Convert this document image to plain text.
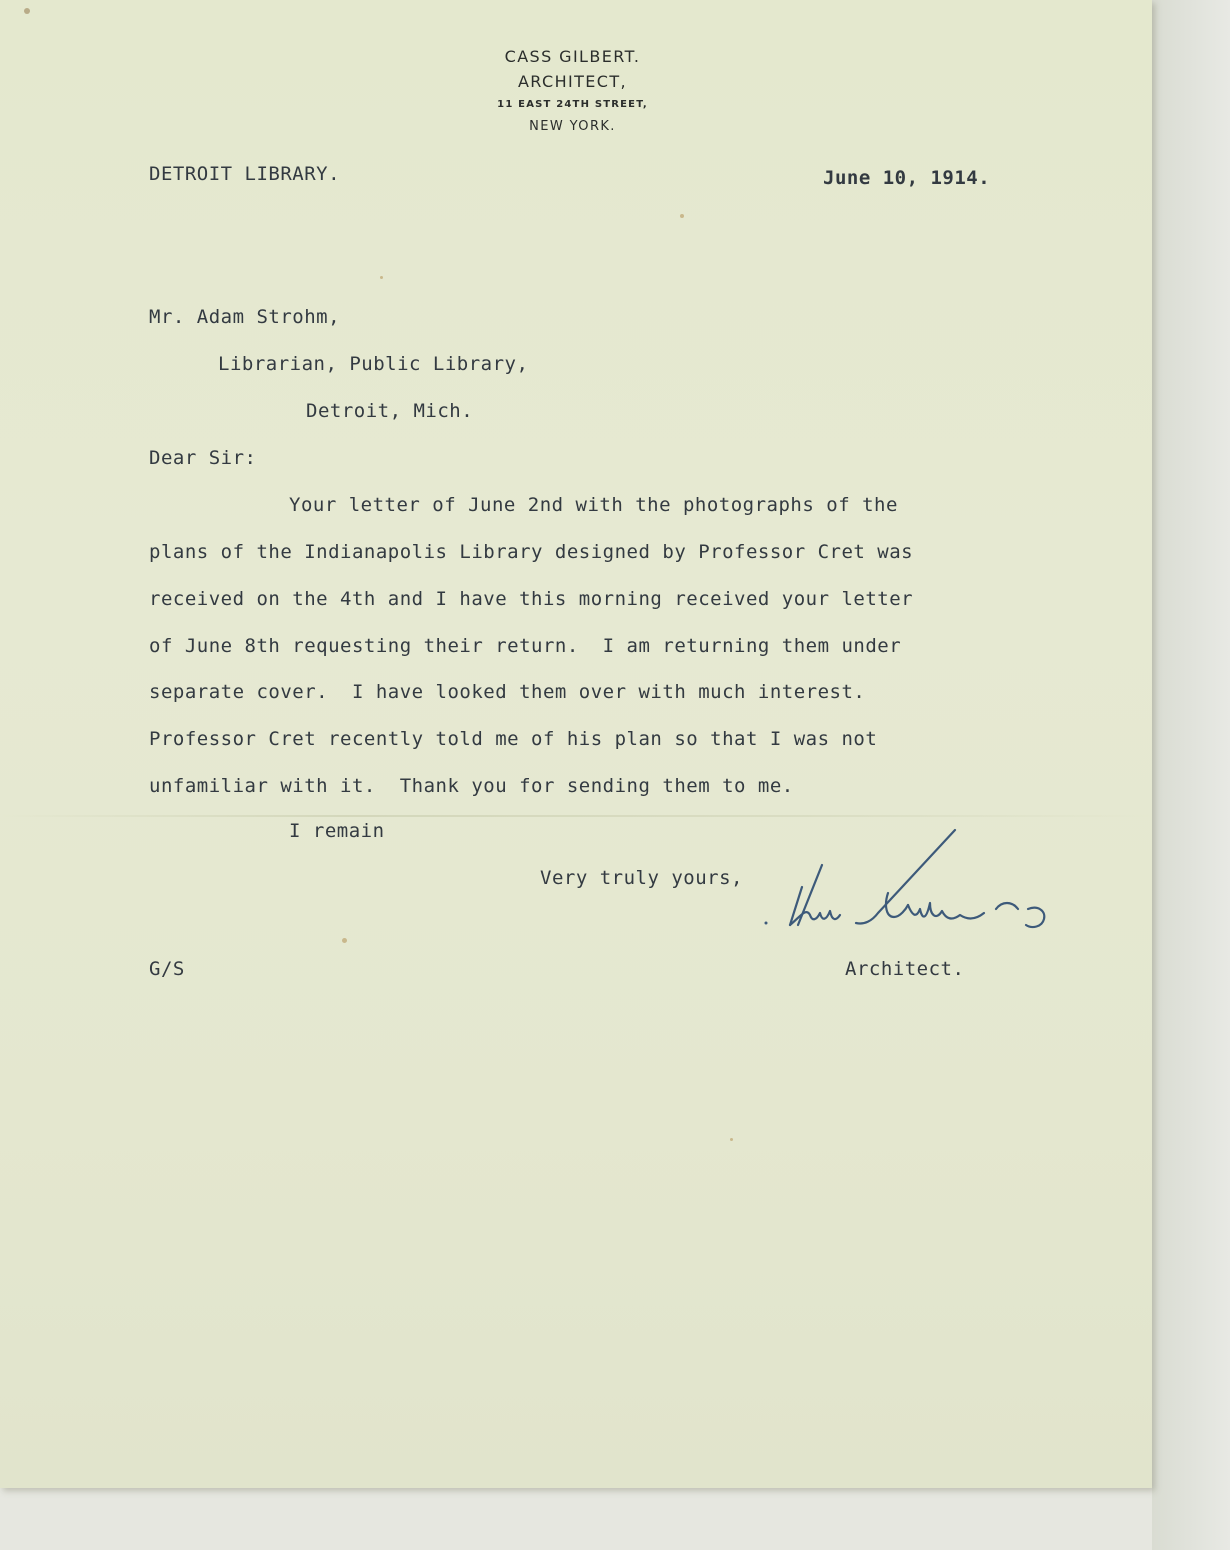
CASS GILBERT.
ARCHITECT,
11 EAST 24TH STREET,
NEW YORK.
DETROIT LIBRARY.	June 10, 1914.
Mr. Adam Strohm,
Librarian, Public Library,
Detroit, Mich.
Dear Sir:
Your letter of June 2nd with the photographs of the
plans of the Indianapolis Library designed by Professor Cret was
received on the 4th and I have this morning received your letter
of June 8th requesting their return.  I am returning them under
separate cover.  I have looked them over with much interest.
Professor Cret recently told me of his plan so that I was not
unfamiliar with it.  Thank you for sending them to me.
I remain
Very truly yours,
G/S	Architect.
